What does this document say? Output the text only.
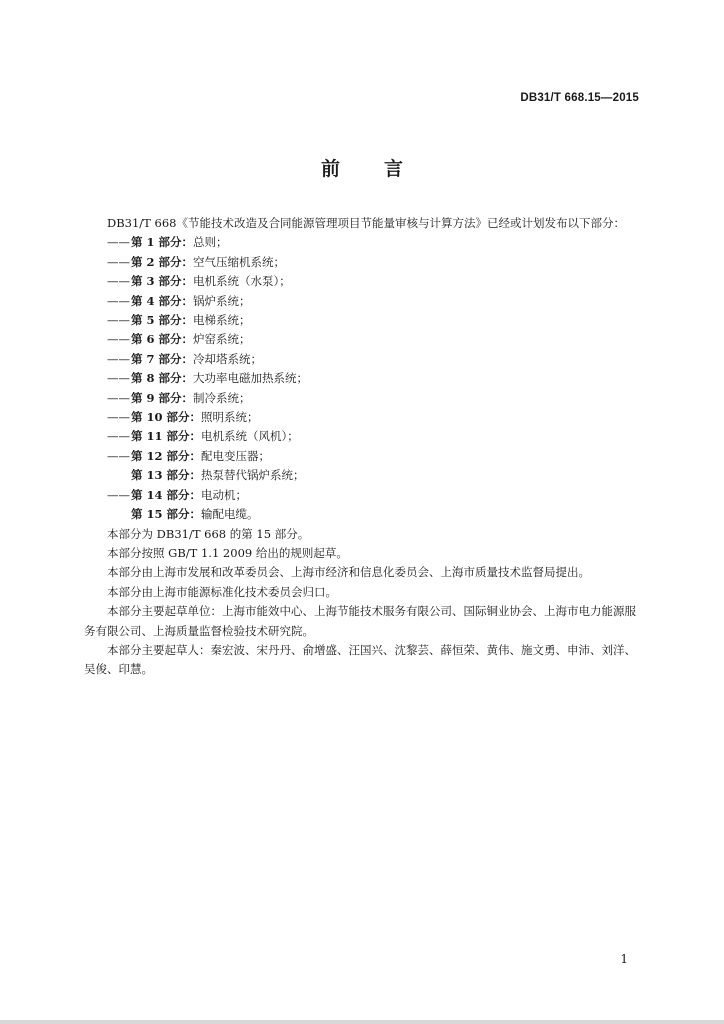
DB31/T 668.15—2015
前言

DB31/T 668《节能技术改造及合同能源管理项目节能量审核与计算方法》已经或计划发布以下部分：

——第 1 部分：总则；

——第 2 部分：空气压缩机系统；

——第 3 部分：电机系统（水泵）；

——第 4 部分：锅炉系统；

——第 5 部分：电梯系统；

——第 6 部分：炉窑系统；

——第 7 部分：冷却塔系统；

——第 8 部分：大功率电磁加热系统；

——第 9 部分：制冷系统；

——第 10 部分：照明系统；

——第 11 部分：电机系统（风机）；

——第 12 部分：配电变压器；

第 13 部分：热泵替代锅炉系统；

——第 14 部分：电动机；

第 15 部分：输配电缆。

本部分为 DB31/T 668 的第 15 部分。

本部分按照 GB/T 1.1 2009 给出的规则起草。

本部分由上海市发展和改革委员会、上海市经济和信息化委员会、上海市质量技术监督局提出。

本部分由上海市能源标准化技术委员会归口。

本部分主要起草单位：上海市能效中心、上海节能技术服务有限公司、国际铜业协会、上海市电力能源服务有限公司、上海质量监督检验技术研究院。

本部分主要起草人：秦宏波、宋丹丹、俞增盛、汪国兴、沈黎芸、薛恒荣、黄伟、施文勇、申沛、刘洋、吴俊、印慧。

1
